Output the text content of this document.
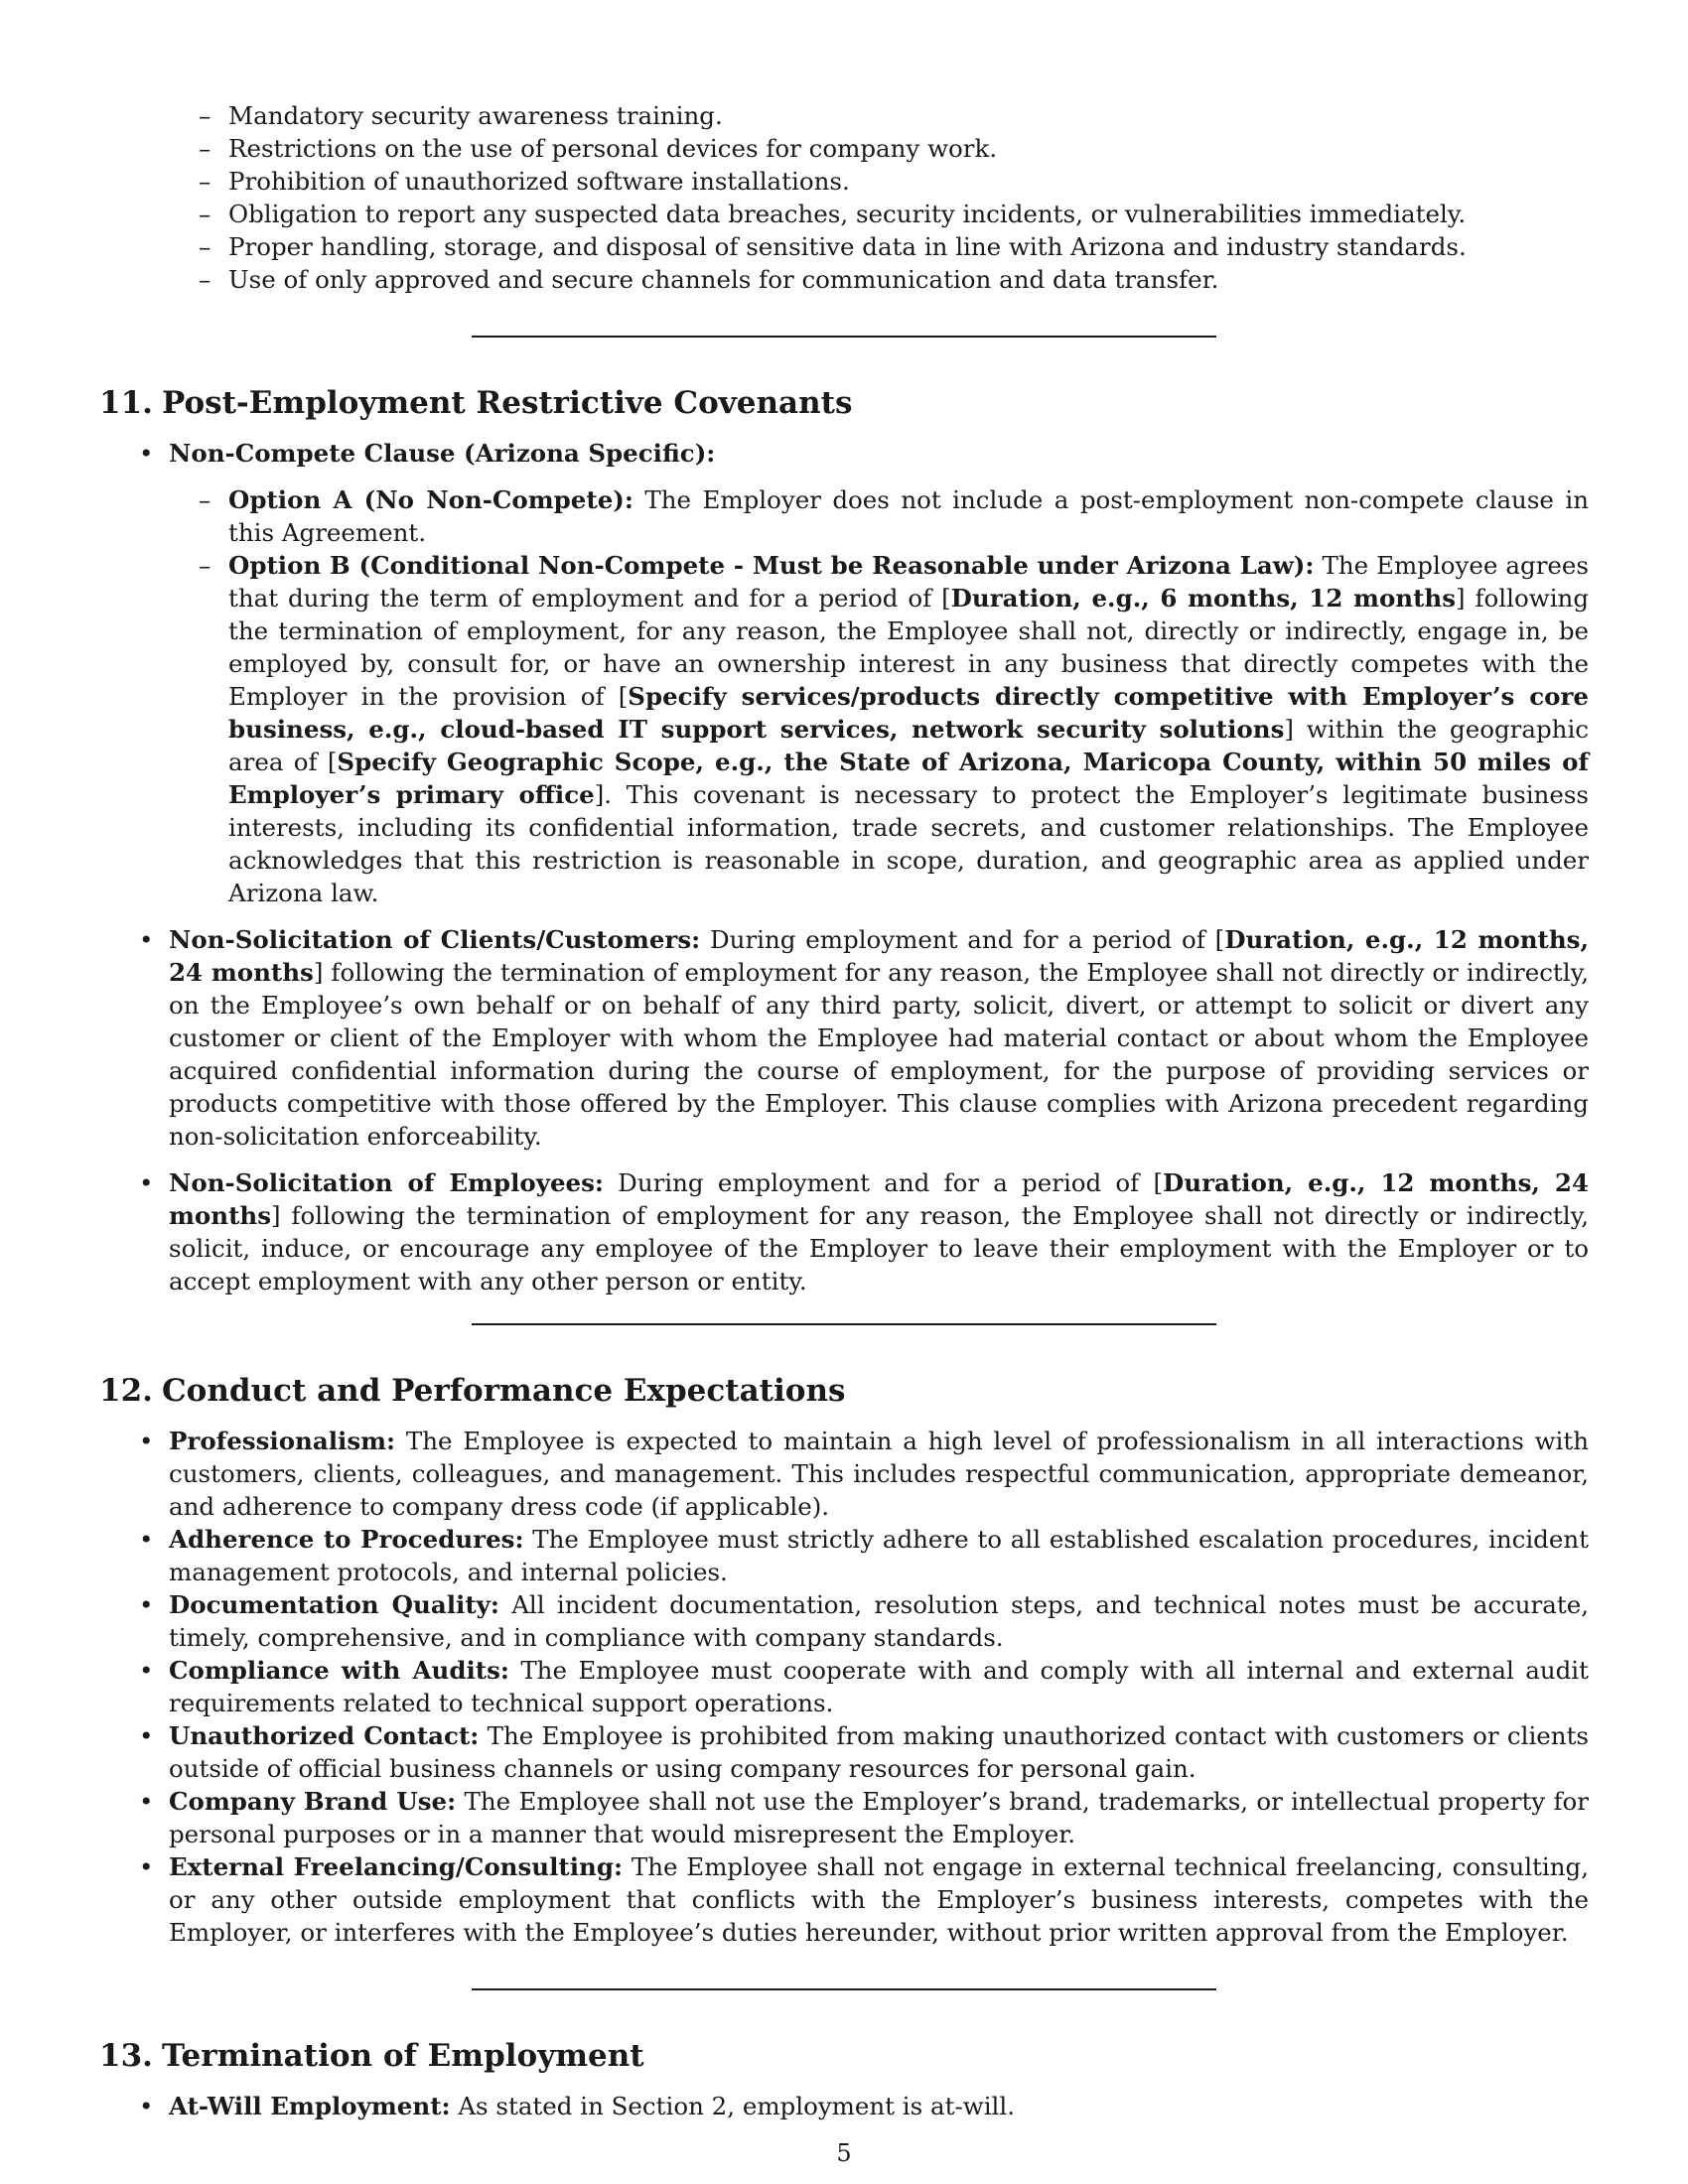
– Mandatory security awareness training.
– Restrictions on the use of personal devices for company work.
– Prohibition of unauthorized software installations.
– Obligation to report any suspected data breaches, security incidents, or vulnerabilities immediately.
– Proper handling, storage, and disposal of sensitive data in line with Arizona and industry standards.
– Use of only approved and secure channels for communication and data transfer.
11. Post-Employment Restrictive Covenants
• Non-Compete Clause (Arizona Specific):
– Option A (No Non-Compete): The Employer does not include a post-employment non-compete clause in this Agreement.
– Option B (Conditional Non-Compete - Must be Reasonable under Arizona Law): The Employee agrees that during the term of employment and for a period of [Duration, e.g., 6 months, 12 months] following the termination of employment, for any reason, the Employee shall not, directly or indirectly, engage in, be employed by, consult for, or have an ownership interest in any business that directly competes with the Employer in the provision of [Specify services/products directly competitive with Employer’s core business, e.g., cloud-based IT support services, network security solutions] within the geographic area of [Specify Geographic Scope, e.g., the State of Arizona, Maricopa County, within 50 miles of Employer’s primary office]. This covenant is necessary to protect the Employer’s legitimate business interests, including its confidential information, trade secrets, and customer relationships. The Employee acknowledges that this restriction is reasonable in scope, duration, and geographic area as applied under Arizona law.
• Non-Solicitation of Clients/Customers: During employment and for a period of [Duration, e.g., 12 months, 24 months] following the termination of employment for any reason, the Employee shall not directly or indirectly, on the Employee’s own behalf or on behalf of any third party, solicit, divert, or attempt to solicit or divert any customer or client of the Employer with whom the Employee had material contact or about whom the Employee acquired confidential information during the course of employment, for the purpose of providing services or products competitive with those offered by the Employer. This clause complies with Arizona precedent regarding non-solicitation enforceability.
• Non-Solicitation of Employees: During employment and for a period of [Duration, e.g., 12 months, 24 months] following the termination of employment for any reason, the Employee shall not directly or indirectly, solicit, induce, or encourage any employee of the Employer to leave their employment with the Employer or to accept employment with any other person or entity.
12. Conduct and Performance Expectations
• Professionalism: The Employee is expected to maintain a high level of professionalism in all interactions with customers, clients, colleagues, and management. This includes respectful communication, appropriate demeanor, and adherence to company dress code (if applicable).
• Adherence to Procedures: The Employee must strictly adhere to all established escalation procedures, incident management protocols, and internal policies.
• Documentation Quality: All incident documentation, resolution steps, and technical notes must be accurate, timely, comprehensive, and in compliance with company standards.
• Compliance with Audits: The Employee must cooperate with and comply with all internal and external audit requirements related to technical support operations.
• Unauthorized Contact: The Employee is prohibited from making unauthorized contact with customers or clients outside of official business channels or using company resources for personal gain.
• Company Brand Use: The Employee shall not use the Employer’s brand, trademarks, or intellectual property for personal purposes or in a manner that would misrepresent the Employer.
• External Freelancing/Consulting: The Employee shall not engage in external technical freelancing, consulting, or any other outside employment that conflicts with the Employer’s business interests, competes with the Employer, or interferes with the Employee’s duties hereunder, without prior written approval from the Employer.
13. Termination of Employment
• At-Will Employment: As stated in Section 2, employment is at-will.
5
